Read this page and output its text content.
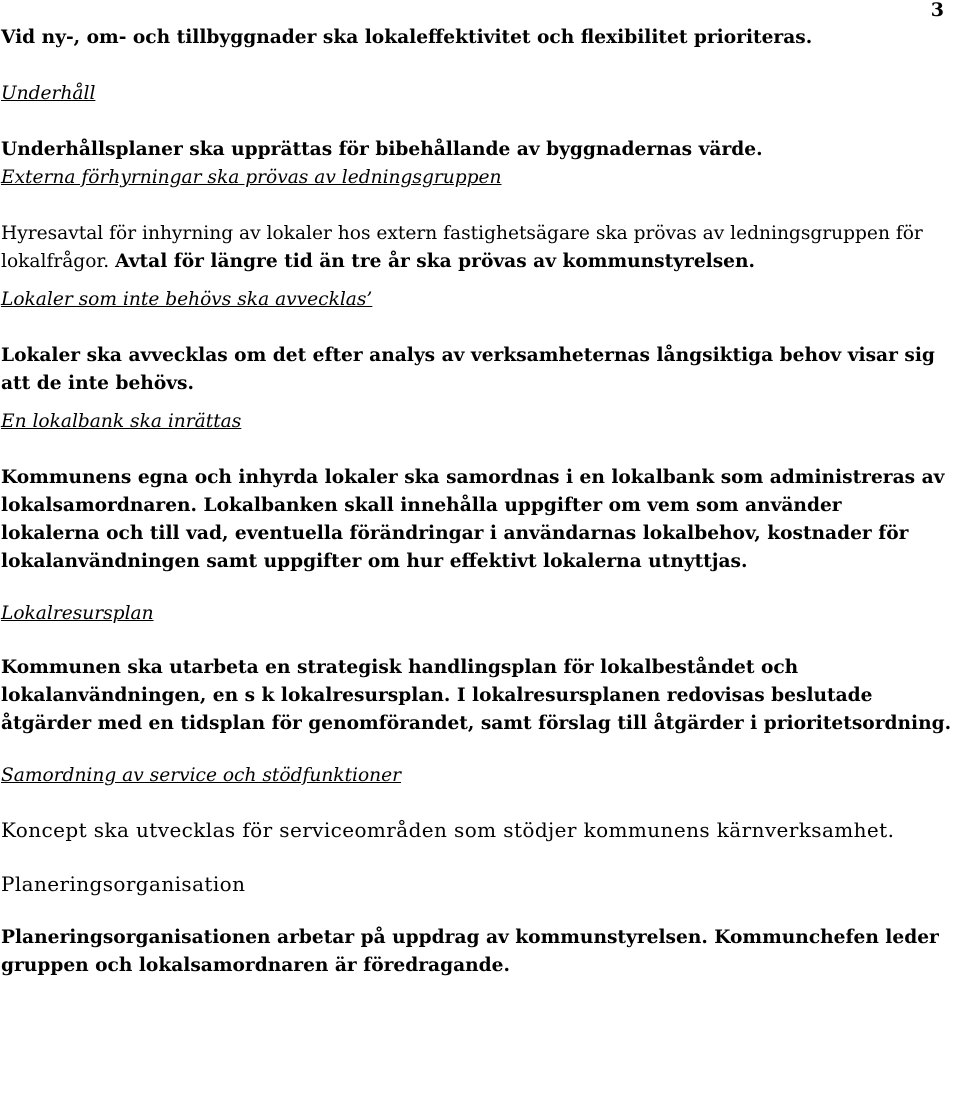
3

Vid ny-, om- och tillbyggnader ska lokaleffektivitet och flexibilitet prioriteras.

Underhåll

Underhållsplaner ska upprättas för bibehållande av byggnadernas värde.

Externa förhyrningar ska prövas av ledningsgruppen

Hyresavtal för inhyrning av lokaler hos extern fastighetsägare ska prövas av ledningsgruppen för lokalfrågor. Avtal för längre tid än tre år ska prövas av kommunstyrelsen.

Lokaler som inte behövs ska avvecklas’

Lokaler ska avvecklas om det efter analys av verksamheternas långsiktiga behov visar sig att de inte behövs.

En lokalbank ska inrättas

Kommunens egna och inhyrda lokaler ska samordnas i en lokalbank som administreras av lokalsamordnaren. Lokalbanken skall innehålla uppgifter om vem som använder

lokalerna och till vad, eventuella förändringar i användarnas lokalbehov, kostnader för lokalanvändningen samt uppgifter om hur effektivt lokalerna utnyttjas.

Lokalresursplan

Kommunen ska utarbeta en strategisk handlingsplan för lokalbeståndet och lokalanvändningen, en s k lokalresursplan. I lokalresursplanen redovisas beslutade åtgärder med en tidsplan för genomförandet, samt förslag till åtgärder i prioritetsordning.

Samordning av service och stödfunktioner

Koncept ska utvecklas för serviceområden som stödjer kommunens kärnverksamhet.

Planeringsorganisation

Planeringsorganisationen arbetar på uppdrag av kommunstyrelsen. Kommunchefen leder gruppen och lokalsamordnaren är föredragande.
